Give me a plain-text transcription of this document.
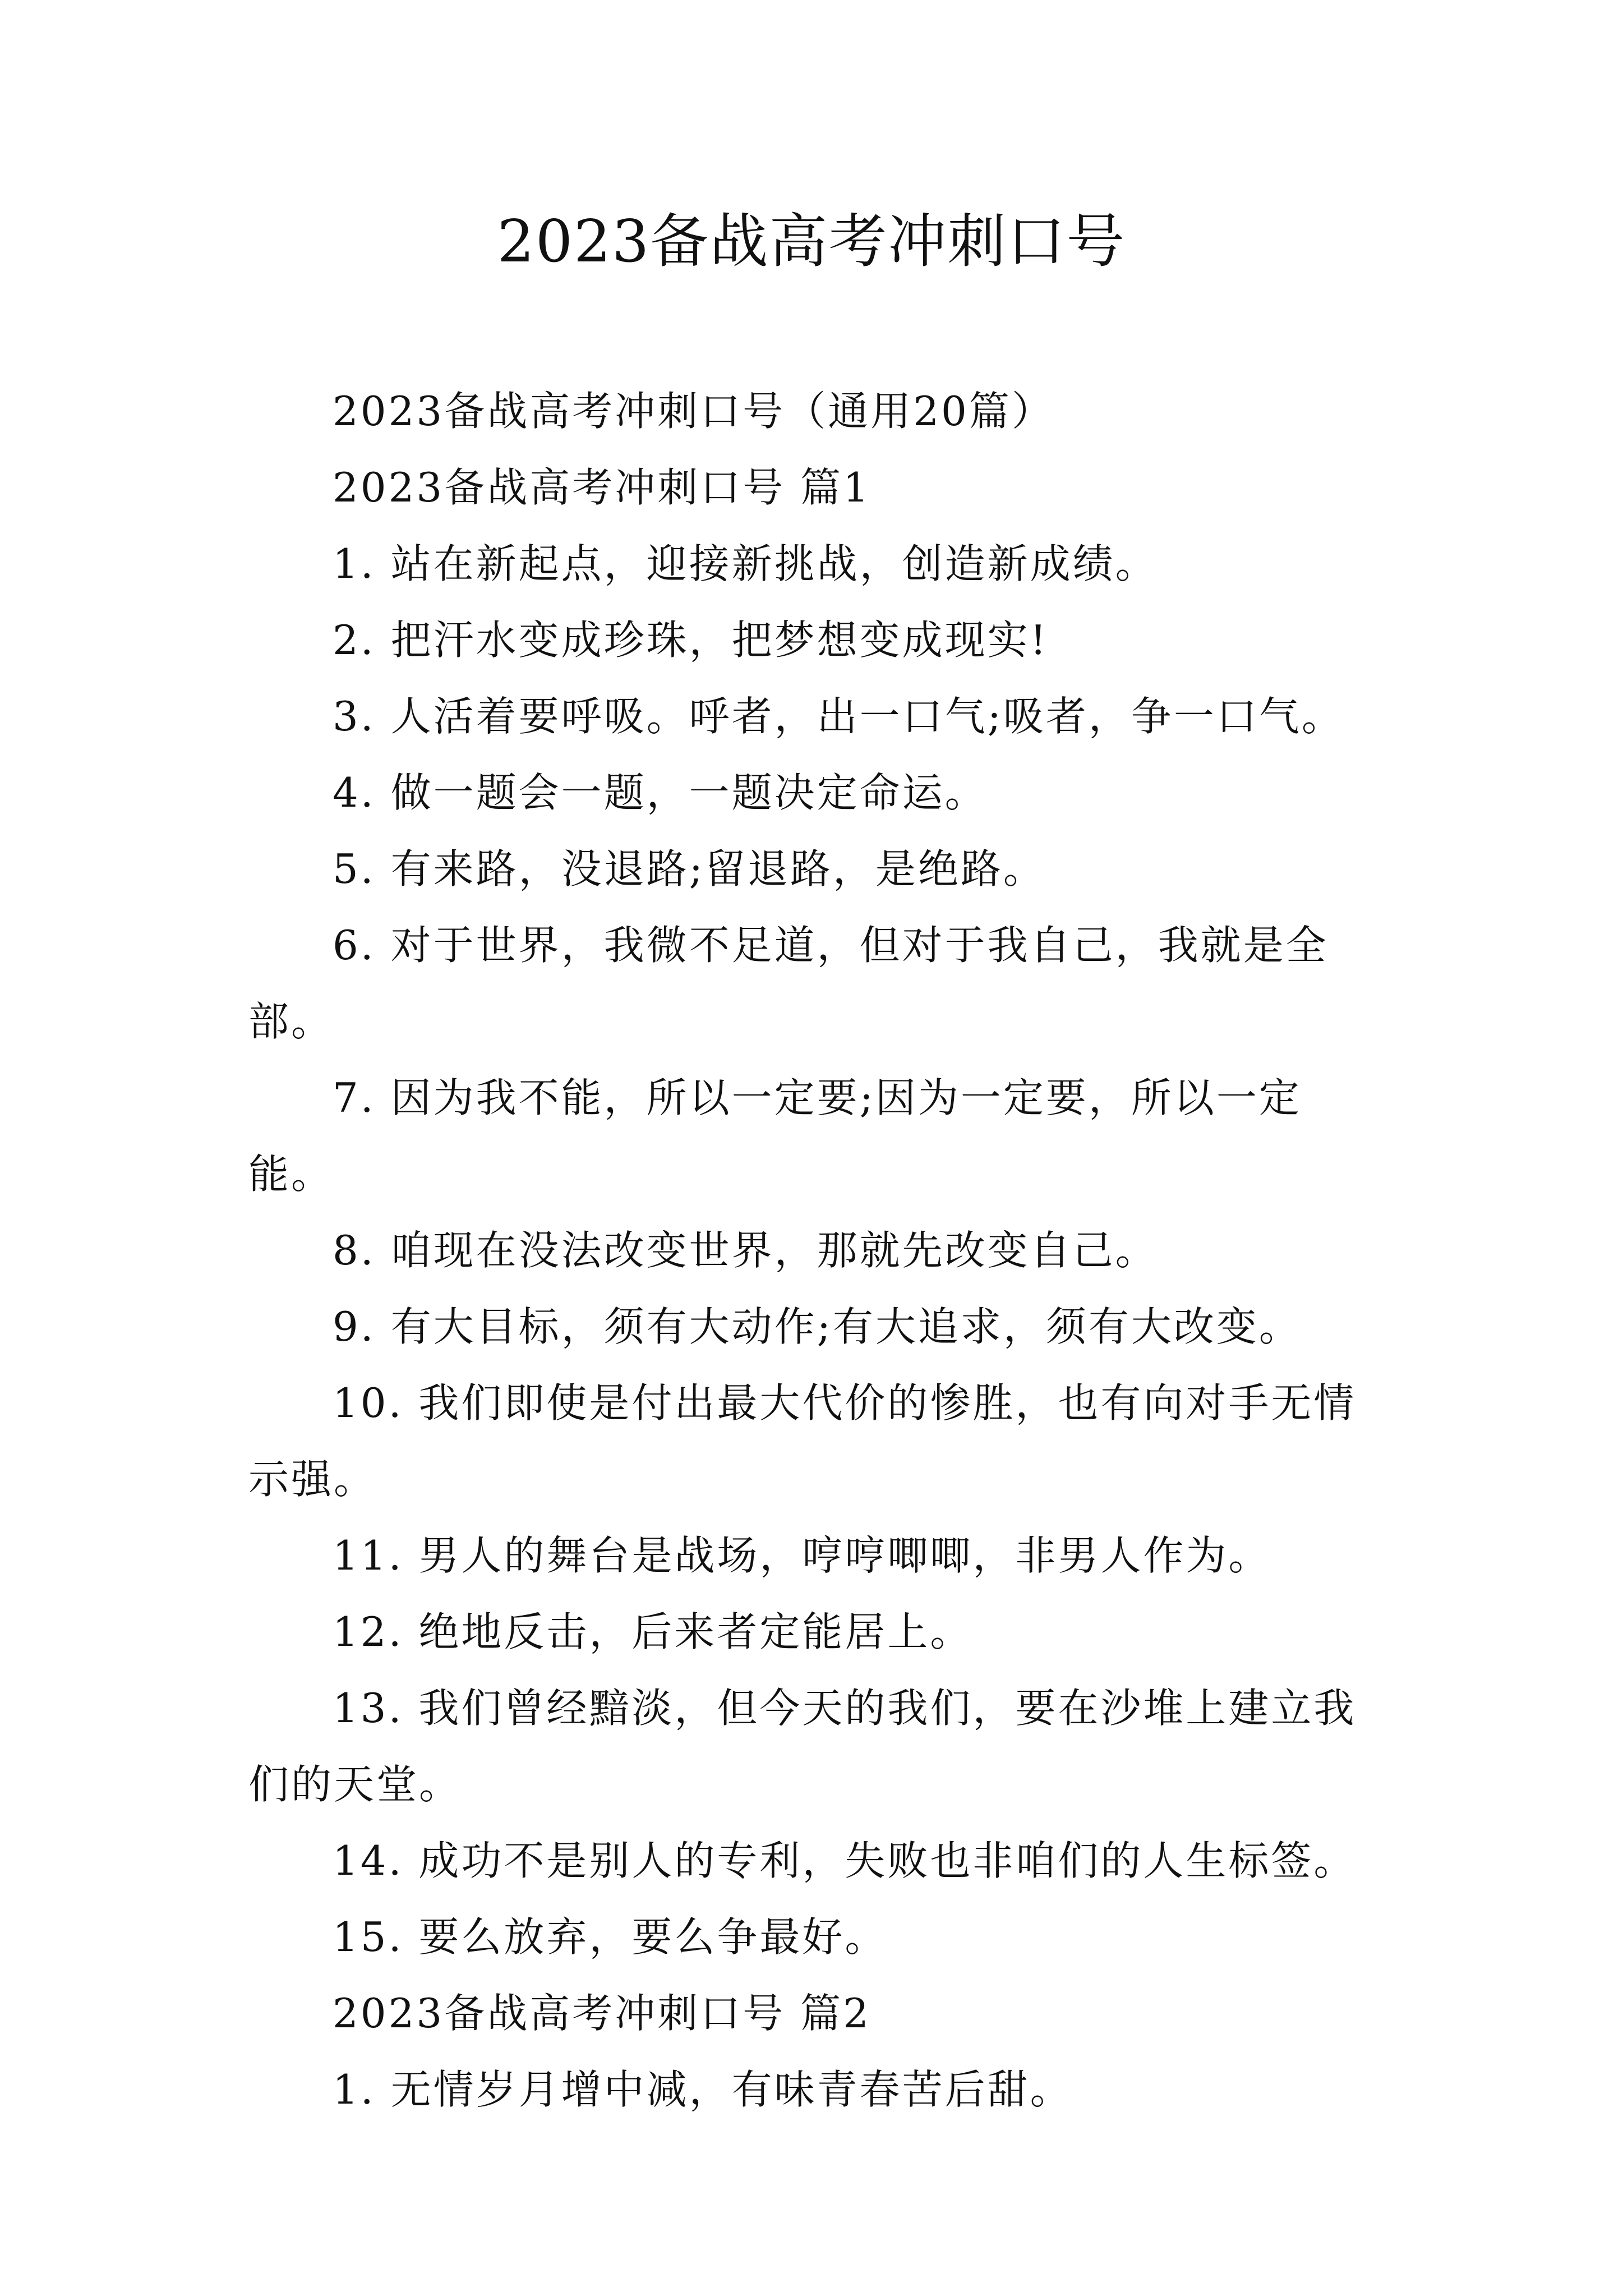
2023备战高考冲刺口号

2023备战高考冲刺口号（通用20篇）

2023备战高考冲刺口号 篇1

1. 站在新起点，迎接新挑战，创造新成绩。

2. 把汗水变成珍珠，把梦想变成现实!

3. 人活着要呼吸。呼者，出一口气;吸者，争一口气。

4. 做一题会一题，一题决定命运。

5. 有来路，没退路;留退路，是绝路。

6. 对于世界，我微不足道，但对于我自己，我就是全部。

7. 因为我不能，所以一定要;因为一定要，所以一定能。

8. 咱现在没法改变世界，那就先改变自己。

9. 有大目标，须有大动作;有大追求，须有大改变。

10. 我们即使是付出最大代价的惨胜，也有向对手无情示强。

11. 男人的舞台是战场，哼哼唧唧，非男人作为。

12. 绝地反击，后来者定能居上。

13. 我们曾经黯淡，但今天的我们，要在沙堆上建立我们的天堂。

14. 成功不是别人的专利，失败也非咱们的人生标签。

15. 要么放弃，要么争最好。

2023备战高考冲刺口号 篇2

1. 无情岁月增中减，有味青春苦后甜。
